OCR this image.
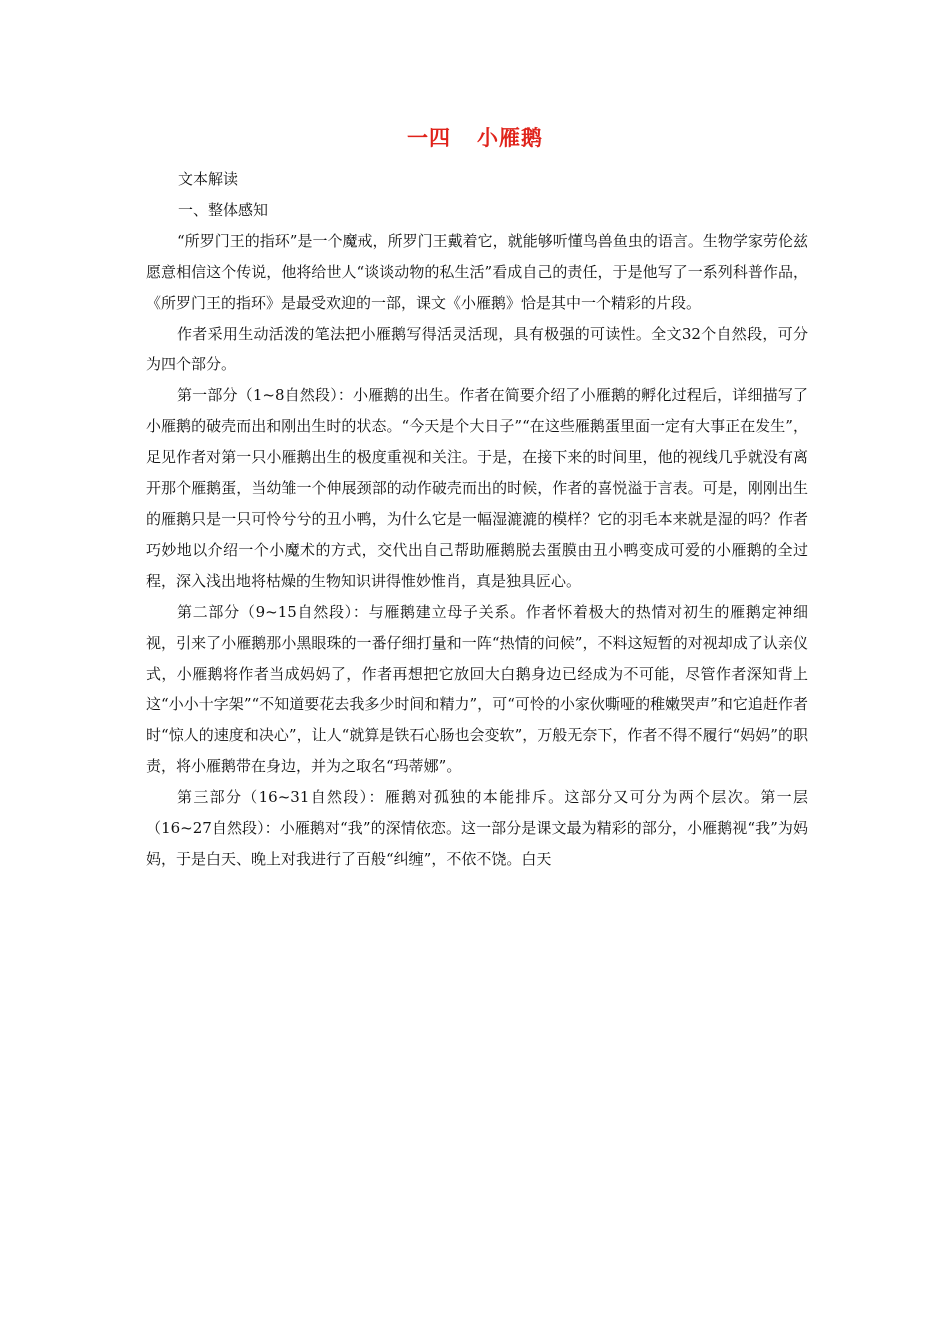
一四 小雁鹅

文本解读

一、整体感知

“所罗门王的指环”是一个魔戒，所罗门王戴着它，就能够听懂鸟兽鱼虫的语言。生物学家劳伦兹愿意相信这个传说，他将给世人“谈谈动物的私生活”看成自己的责任，于是他写了一系列科普作品，《所罗门王的指环》是最受欢迎的一部，课文《小雁鹅》恰是其中一个精彩的片段。

作者采用生动活泼的笔法把小雁鹅写得活灵活现，具有极强的可读性。全文32个自然段，可分为四个部分。

第一部分（1~8自然段）：小雁鹅的出生。作者在简要介绍了小雁鹅的孵化过程后，详细描写了小雁鹅的破壳而出和刚出生时的状态。“今天是个大日子”“在这些雁鹅蛋里面一定有大事正在发生”，足见作者对第一只小雁鹅出生的极度重视和关注。于是，在接下来的时间里，他的视线几乎就没有离开那个雁鹅蛋，当幼雏一个伸展颈部的动作破壳而出的时候，作者的喜悦溢于言表。可是，刚刚出生的雁鹅只是一只可怜兮兮的丑小鸭，为什么它是一幅湿漉漉的模样？它的羽毛本来就是湿的吗？作者巧妙地以介绍一个小魔术的方式，交代出自己帮助雁鹅脱去蛋膜由丑小鸭变成可爱的小雁鹅的全过程，深入浅出地将枯燥的生物知识讲得惟妙惟肖，真是独具匠心。

第二部分（9~15自然段）：与雁鹅建立母子关系。作者怀着极大的热情对初生的雁鹅定神细视，引来了小雁鹅那小黑眼珠的一番仔细打量和一阵“热情的问候”，不料这短暂的对视却成了认亲仪式，小雁鹅将作者当成妈妈了，作者再想把它放回大白鹅身边已经成为不可能，尽管作者深知背上这“小小十字架”“不知道要花去我多少时间和精力”，可“可怜的小家伙嘶哑的稚嫩哭声”和它追赶作者时“惊人的速度和决心”，让人“就算是铁石心肠也会变软”，万般无奈下，作者不得不履行“妈妈”的职责，将小雁鹅带在身边，并为之取名“玛蒂娜”。

第三部分（16~31自然段）：雁鹅对孤独的本能排斥。这部分又可分为两个层次。第一层（16~27自然段）：小雁鹅对“我”的深情依恋。这一部分是课文最为精彩的部分，小雁鹅视“我”为妈妈，于是白天、晚上对我进行了百般“纠缠”，不依不饶。白天
